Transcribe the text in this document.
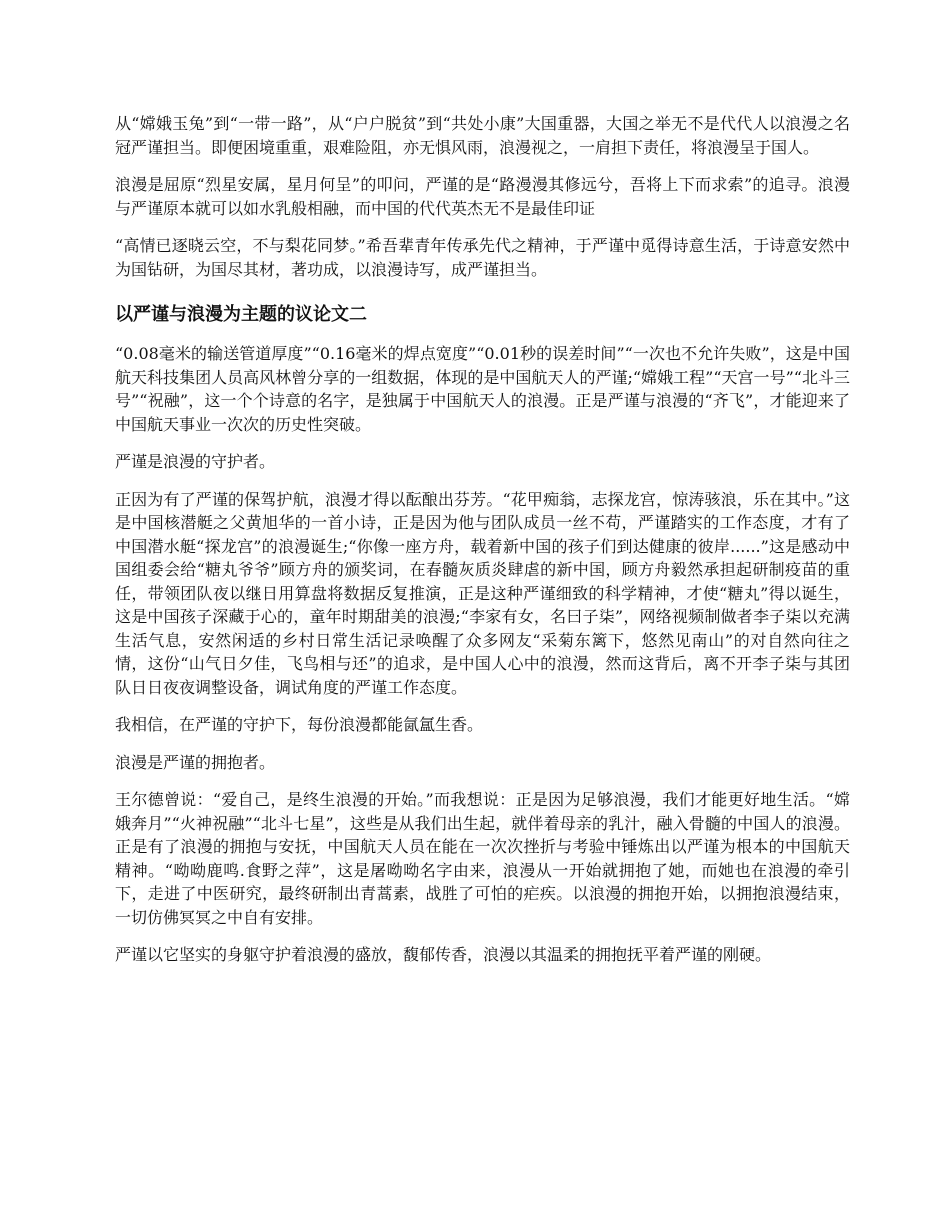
从“嫦娥玉兔”到“一带一路”，从“户户脱贫”到“共处小康”大国重器，大国之举无不是代代人以浪漫之名冠严谨担当。即便困境重重，艰难险阻，亦无惧风雨，浪漫视之，一肩担下责任，将浪漫呈于国人。

浪漫是屈原“烈星安属，星月何呈”的叩问，严谨的是“路漫漫其修远兮，吾将上下而求索”的追寻。浪漫与严谨原本就可以如水乳般相融，而中国的代代英杰无不是最佳印证

“高情已逐晓云空，不与梨花同梦。”希吾辈青年传承先代之精神，于严谨中觅得诗意生活，于诗意安然中为国钻研，为国尽其材，著功成，以浪漫诗写，成严谨担当。

以严谨与浪漫为主题的议论文二

“0.08毫米的输送管道厚度”“0.16毫米的焊点宽度”“0.01秒的误差时间”“一次也不允许失败”，这是中国航天科技集团人员高风林曾分享的一组数据，体现的是中国航天人的严谨;“嫦娥工程”“天宫一号”“北斗三号”“祝融”，这一个个诗意的名字，是独属于中国航天人的浪漫。正是严谨与浪漫的“齐飞”，才能迎来了中国航天事业一次次的历史性突破。

严谨是浪漫的守护者。

正因为有了严谨的保驾护航，浪漫才得以酝酿出芬芳。“花甲痴翁，志探龙宫，惊涛骇浪，乐在其中。”这是中国核潜艇之父黄旭华的一首小诗，正是因为他与团队成员一丝不苟，严谨踏实的工作态度，才有了中国潜水艇“探龙宫”的浪漫诞生;“你像一座方舟，载着新中国的孩子们到达健康的彼岸......”这是感动中国组委会给“糖丸爷爷”顾方舟的颁奖词，在春髓灰质炎肆虐的新中国，顾方舟毅然承担起研制疫苗的重任，带领团队夜以继日用算盘将数据反复推演，正是这种严谨细致的科学精神，才使“糖丸”得以诞生，这是中国孩子深藏于心的，童年时期甜美的浪漫;“李家有女，名曰子柒”，网络视频制做者李子柒以充满生活气息，安然闲适的乡村日常生活记录唤醒了众多网友“采菊东篱下，悠然见南山”的对自然向往之情，这份“山气日夕佳，飞鸟相与还”的追求，是中国人心中的浪漫，然而这背后，离不开李子柒与其团队日日夜夜调整设备，调试角度的严谨工作态度。

我相信，在严谨的守护下，每份浪漫都能氤氲生香。

浪漫是严谨的拥抱者。

王尔德曾说：“爱自己，是终生浪漫的开始。”而我想说：正是因为足够浪漫，我们才能更好地生活。“嫦娥奔月”“火神祝融”“北斗七星”，这些是从我们出生起，就伴着母亲的乳汁，融入骨髓的中国人的浪漫。正是有了浪漫的拥抱与安抚，中国航天人员在能在一次次挫折与考验中锤炼出以严谨为根本的中国航天精神。“呦呦鹿鸣.食野之萍”，这是屠呦呦名字由来，浪漫从一开始就拥抱了她，而她也在浪漫的牵引下，走进了中医研究，最终研制出青蒿素，战胜了可怕的疟疾。以浪漫的拥抱开始，以拥抱浪漫结束，一切仿佛冥冥之中自有安排。

严谨以它坚实的身躯守护着浪漫的盛放，馥郁传香，浪漫以其温柔的拥抱抚平着严谨的刚硬。
